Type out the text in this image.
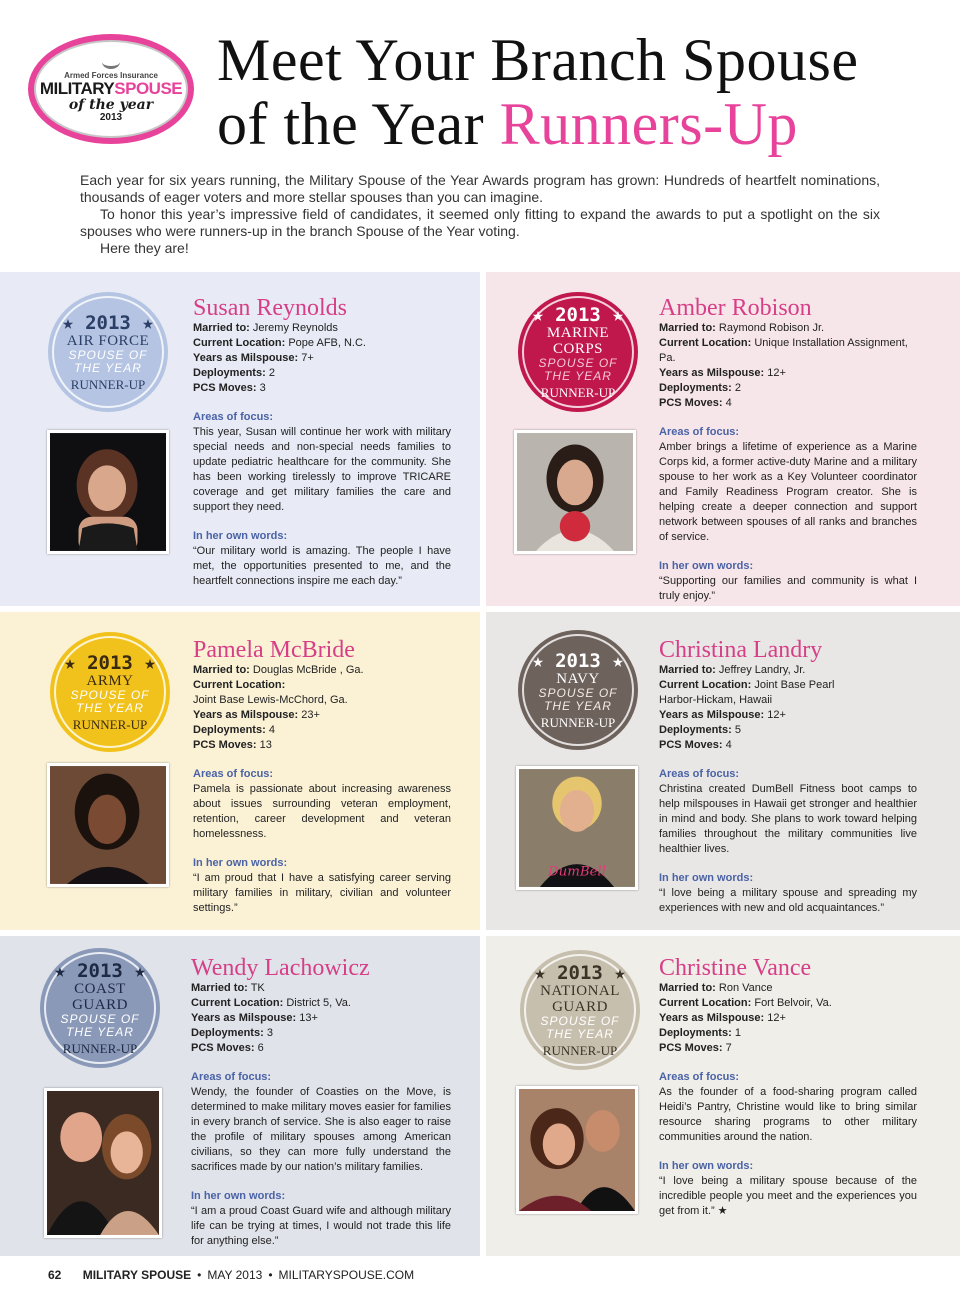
Armed Forces Insurance
MILITARYSPOUSE
of the year
2013
Meet Your Branch Spouse
of the Year Runners-Up

Each year for six years running, the Military Spouse of the Year Awards program has grown: Hundreds of heartfelt nominations, thousands of eager voters and more stellar spouses than you can imagine.

To honor this year’s impressive field of candidates, it seemed only fitting to expand the awards to put a spotlight on the six spouses who were runners-up in the branch Spouse of the Year voting.

Here they are!

★ 2013 ★
AIR FORCE
SPOUSE OF
THE YEAR
RUNNER-UP
Susan Reynolds
Married to: Jeremy Reynolds
Current Location: Pope AFB, N.C.
Years as Milspouse: 7+
Deployments: 2
PCS Moves: 3
Areas of focus:
This year, Susan will continue her work with military special needs and non-special needs families to update pediatric healthcare for the community. She has been working tirelessly to improve TRICARE coverage and get military families the care and support they need.
In her own words:
“Our military world is amazing. The people I have met, the opportunities presented to me, and the heartfelt connections inspire me each day.”
★ 2013 ★
MARINE CORPS
SPOUSE OF
THE YEAR
RUNNER-UP
Amber Robison
Married to: Raymond Robison Jr.
Current Location: Unique Installation Assignment, Pa.
Years as Milspouse: 12+
Deployments: 2
PCS Moves: 4
Areas of focus:
Amber brings a lifetime of experience as a Marine Corps kid, a former active-duty Marine and a military spouse to her work as a Key Volunteer coordinator and Family Readiness Program creator. She is helping create a deeper connection and support network between spouses of all ranks and branches of service.
In her own words:
“Supporting our families and community is what I truly enjoy.”
★ 2013 ★
ARMY
SPOUSE OF
THE YEAR
RUNNER-UP
Pamela McBride
Married to: Douglas McBride , Ga.
Current Location:
Joint Base Lewis-McChord, Ga.
Years as Milspouse: 23+
Deployments: 4
PCS Moves: 13
Areas of focus:
Pamela is passionate about increasing awareness about issues surrounding veteran employment, retention, career development and veteran homelessness.
In her own words:
“I am proud that I have a satisfying career serving military families in military, civilian and volunteer settings.”
★ 2013 ★
NAVY
SPOUSE OF
THE YEAR
RUNNER-UP
DumBell
Christina Landry
Married to: Jeffrey Landry, Jr.
Current Location: Joint Base Pearl
Harbor-Hickam, Hawaii
Years as Milspouse: 12+
Deployments: 5
PCS Moves: 4
Areas of focus:
Christina created DumBell Fitness boot camps to help milspouses in Hawaii get stronger and healthier in mind and body. She plans to work toward helping families throughout the military communities live healthier lives.
In her own words:
“I love being a military spouse and spreading my experiences with new and old acquaintances.”
★ 2013 ★
COAST GUARD
SPOUSE OF
THE YEAR
RUNNER-UP
Wendy Lachowicz
Married to: TK
Current Location: District 5, Va.
Years as Milspouse: 13+
Deployments: 3
PCS Moves: 6
Areas of focus:
Wendy, the founder of Coasties on the Move, is determined to make military moves easier for families in every branch of service. She is also eager to raise the profile of military spouses among American civilians, so they can more fully understand the sacrifices made by our nation’s military families.
In her own words:
“I am a proud Coast Guard wife and although military life can be trying at times, I would not trade this life for anything else.”
★ 2013 ★
NATIONAL GUARD
SPOUSE OF
THE YEAR
RUNNER-UP
Christine Vance
Married to: Ron Vance
Current Location: Fort Belvoir, Va.
Years as Milspouse: 12+
Deployments: 1
PCS Moves: 7
Areas of focus:
As the founder of a food-sharing program called Heidi’s Pantry, Christine would like to bring similar resource sharing programs to other military communities around the nation.
In her own words:
“I love being a military spouse because of the incredible people you meet and the experiences you get from it.” ★
62 MILITARY SPOUSE • MAY 2013 • MILITARYSPOUSE.COM
